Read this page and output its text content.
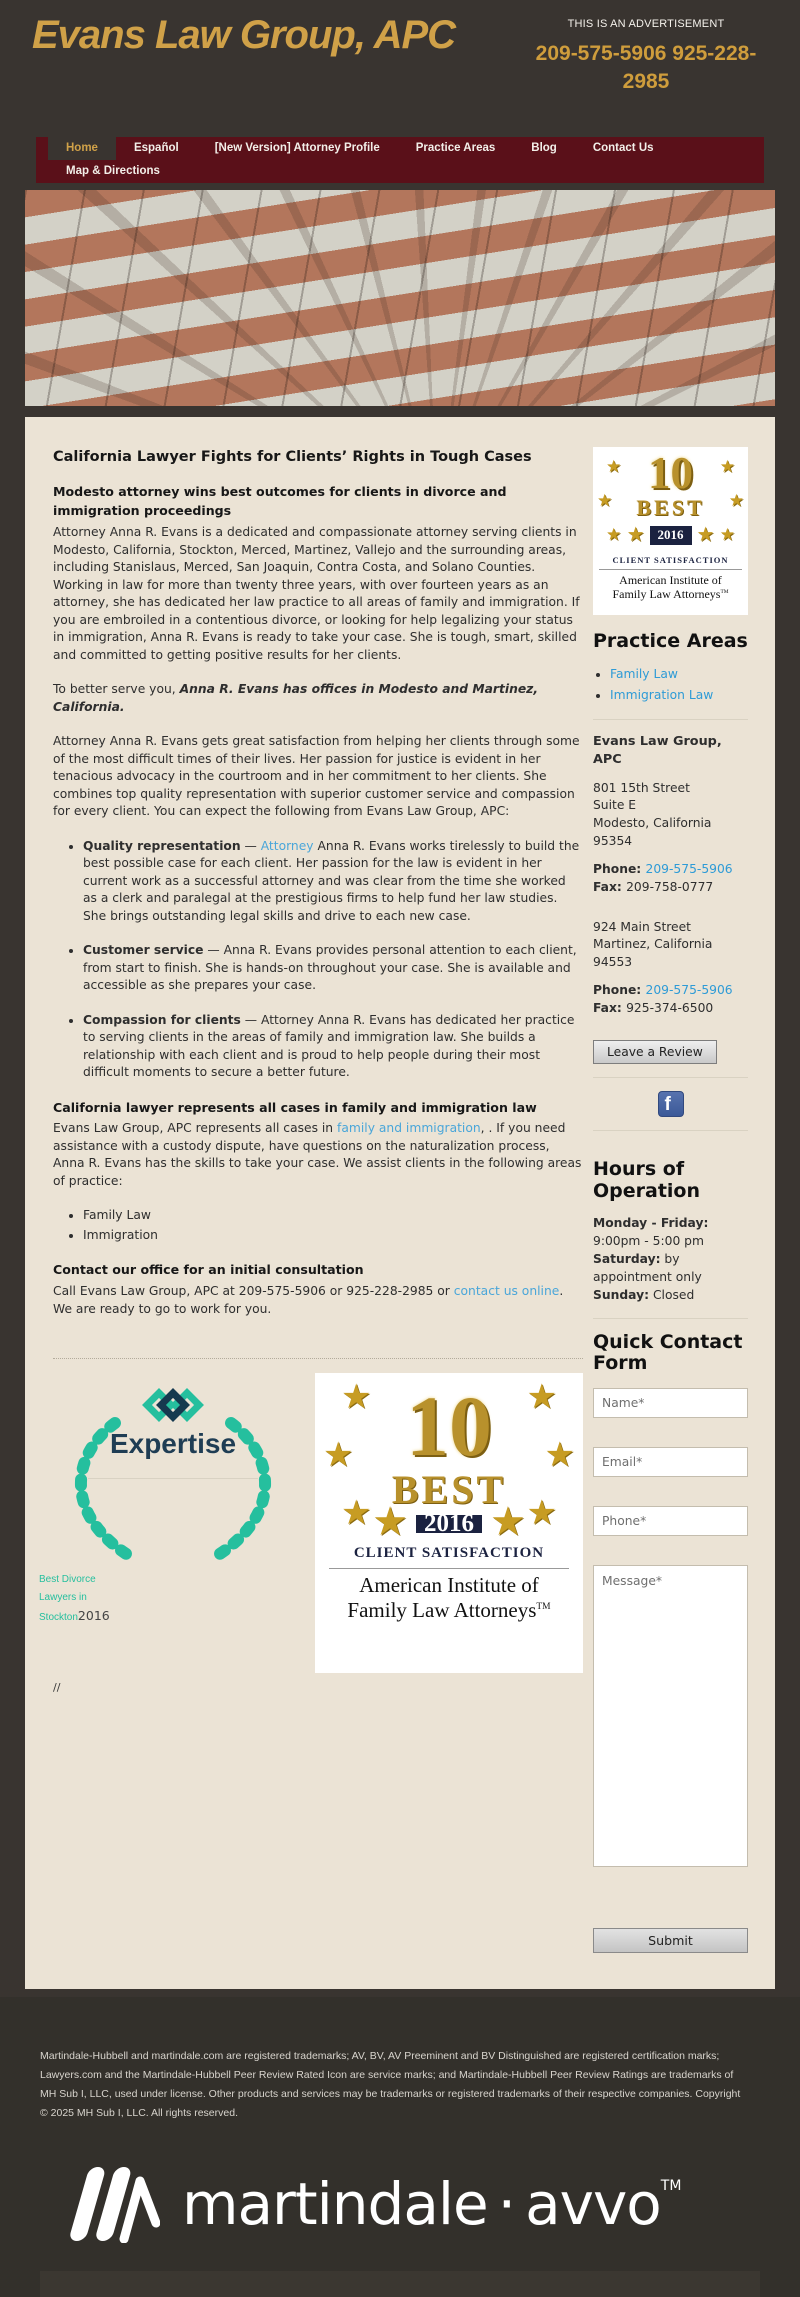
Evans Law Group, APC	THIS IS AN ADVERTISEMENT
209-575-5906 925-228-2985
Home	Español	[New Version] Attorney Profile	Practice Areas	Blog	Contact Us
Map & Directions
California Lawyer Fights for Clients’ Rights in Tough Cases
Modesto attorney wins best outcomes for clients in divorce and immigration proceedings

Attorney Anna R. Evans is a dedicated and compassionate attorney serving clients in Modesto, California, Stockton, Merced, Martinez, Vallejo and the surrounding areas, including Stanislaus, Merced, San Joaquin, Contra Costa, and Solano Counties. Working in law for more than twenty three years, with over fourteen years as an attorney, she has dedicated her law practice to all areas of family and immigration. If you are embroiled in a contentious divorce, or looking for help legalizing your status in immigration, Anna R. Evans is ready to take your case. She is tough, smart, skilled and committed to getting positive results for her clients.

To better serve you, Anna R. Evans has offices in Modesto and Martinez, California.

Attorney Anna R. Evans gets great satisfaction from helping her clients through some of the most difficult times of their lives. Her passion for justice is evident in her tenacious advocacy in the courtroom and in her commitment to her clients. She combines top quality representation with superior customer service and compassion for every client. You can expect the following from Evans Law Group, APC:

• Quality representation — Attorney Anna R. Evans works tirelessly to build the best possible case for each client. Her passion for the law is evident in her current work as a successful attorney and was clear from the time she worked as a clerk and paralegal at the prestigious firms to help fund her law studies. She brings outstanding legal skills and drive to each new case.
• Customer service — Anna R. Evans provides personal attention to each client, from start to finish. She is hands-on throughout your case. She is available and accessible as she prepares your case.
• Compassion for clients — Attorney Anna R. Evans has dedicated her practice to serving clients in the areas of family and immigration law. She builds a relationship with each client and is proud to help people during their most difficult moments to secure a better future.
California lawyer represents all cases in family and immigration law

Evans Law Group, APC represents all cases in family and immigration, . If you need assistance with a custody dispute, have questions on the naturalization process, Anna R. Evans has the skills to take your case. We assist clients in the following areas of practice:

• Family Law
• Immigration
Contact our office for an initial consultation

Call Evans Law Group, APC at 209-575-5906 or 925-228-2985 or contact us online. We are ready to go to work for you.

Expertise
Best Divorce
Lawyers in
Stockton2016
★
★
★
★
★
★
10
BEST
★ 2016 ★
CLIENT SATISFACTION
American Institute of
Family Law Attorneys™
//
★
★
★
★
★
★
10
BEST
★ 2016 ★
CLIENT SATISFACTION
American Institute of
Family Law Attorneys™
Practice Areas
• Family Law
• Immigration Law
Evans Law Group, APC
801 15th Street
Suite E
Modesto, California 95354
Phone: 209-575-5906
Fax: 209-758-0777
924 Main Street
Martinez, California 94553
Phone: 209-575-5906
Fax: 925-374-6500
Leave a Review
f
Hours of Operation

Monday - Friday: 9:00pm - 5:00 pm

Saturday: by appointment only

Sunday: Closed

Quick Contact Form
Name* Email* Phone* Message* Submit

Martindale-Hubbell and martindale.com are registered trademarks; AV, BV, AV Preeminent and BV Distinguished are registered certification marks; Lawyers.com and the Martindale-Hubbell Peer Review Rated Icon are service marks; and Martindale-Hubbell Peer Review Ratings are trademarks of MH Sub I, LLC, used under license. Other products and services may be trademarks or registered trademarks of their respective companies. Copyright © 2025 MH Sub I, LLC. All rights reserved.

martindale · avvo™
